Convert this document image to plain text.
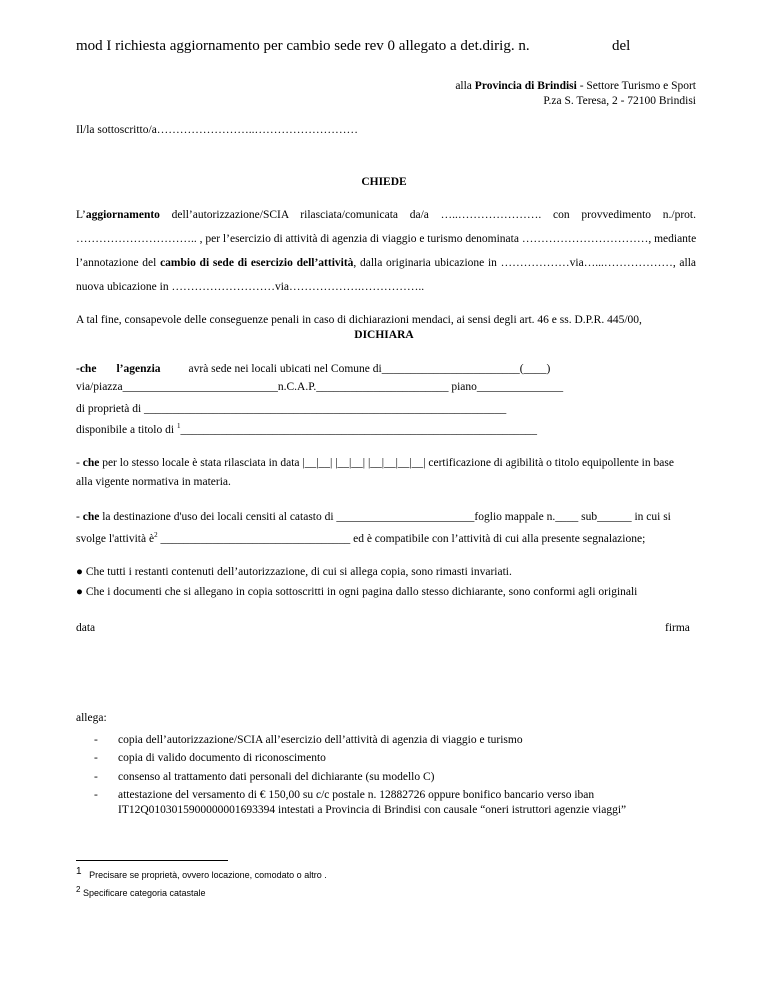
mod I richiesta aggiornamento per cambio sede rev 0 allegato a det.dirig. n.	del
alla Provincia di Brindisi - Settore Turismo e Sport
P.za S. Teresa, 2 - 72100 Brindisi
Il/la sottoscritto/a……………………..………………………
CHIEDE
L’aggiornamento dell’autorizzazione/SCIA rilasciata/comunicata da/a …..…………………. con provvedimento n./prot.
………………………….. , per l’esercizio di attività di agenzia di viaggio e turismo denominata ……………………………, mediante
l’annotazione del cambio di sede di esercizio dell’attività, dalla originaria ubicazione in ………………via…...………………, alla
nuova ubicazione in ………………………via……………….……………..
A tal fine, consapevole delle conseguenze penali in caso di dichiarazioni mendaci, ai sensi degli art. 46 e ss. D.P.R. 445/00,
DICHIARA
-che l’agenzia avrà sede nei locali ubicati nel Comune di________________________(____)
via/piazza___________________________n.C.A.P._______________________ piano_______________
di proprietà di _______________________________________________________________
disponibile a titolo di $^1$______________________________________________________________
- che per lo stesso locale è stata rilasciata in data |__|__| |__|__| |__|__|__|__| certificazione di agibilità o titolo equipollente in base
alla vigente normativa in materia.
- che la destinazione d'uso dei locali censiti al catasto di ________________________foglio mappale n.____ sub______ in cui si
svolge l'attività $è^2$ _________________________________ ed è compatibile con l’attività di cui alla presente segnalazione;
● Che tutti i restanti contenuti dell’autorizzazione, di cui si allega copia, sono rimasti invariati.
● Che i documenti che si allegano in copia sottoscritti in ogni pagina dallo stesso dichiarante, sono conformi agli originali
data	firma
allega:
- copia dell’autorizzazione/SCIA all’esercizio dell’attività di agenzia di viaggio e turismo
- copia di valido documento di riconoscimento
- consenso al trattamento dati personali del dichiarante (su modello C)
- attestazione del versamento di € 150,00 su c/c postale n. 12882726 oppure bonifico bancario verso iban
IT12Q0103015900000001693394 intestati a Provincia di Brindisi con causale “oneri istruttori agenzie viaggi”
1 Precisare se proprietà, ovvero locazione, comodato o altro .
2 Specificare categoria catastale
